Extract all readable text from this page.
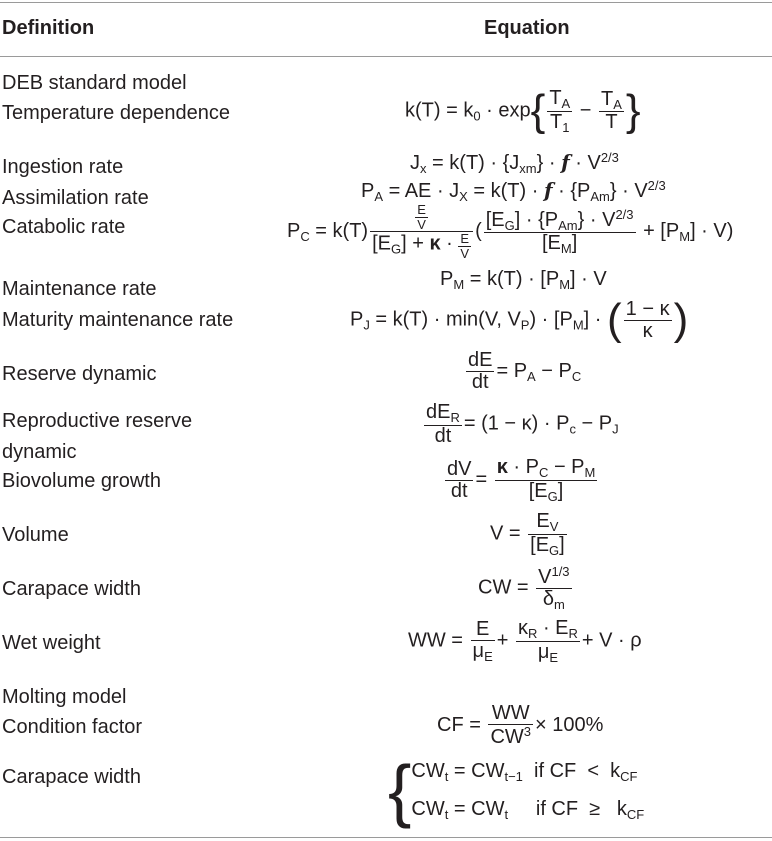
Definition	Equation
DEB standard model
Temperature dependence
Ingestion rate
Assimilation rate
Catabolic rate
Maintenance rate
Maturity maintenance rate
Reserve dynamic
Reproductive reserve
dynamic
Biovolume growth
Volume
Carapace width
Wet weight
Molting model
Condition factor
Carapace width
$k(T) = k_0 \cdot \exp\{ \frac{T_A}{T_1} - \frac{T_A}{T}$ }
$J_x = k(T) \cdot \{J_{xm}\} \cdot f \cdot V^{2/3}$
$P_A$ = AE · $J_X = k(T) \cdot f \cdot \{P_{Am}\} \cdot V^{2/3}$
$P_C = k(T) \frac{\frac{E}{V}}{[E_G] + \kappa \cdot \frac{E}{V}}$ ( $\frac{[E_G] \cdot \{P_{Am}\} \cdot V^{2/3}}{[E_M]} + [P_M] \cdot V$)
$P_M = k(T) \cdot [P_M] \cdot V$
$P_J = k(T) \cdot \min(V$, $V_P) \cdot [P_M]$ · ( $\frac{1 - \kappa}{\kappa}$ )
$\frac{dE}{dt} = P_A - P_C$
$\frac{dE_R}{dt} = (1 - \kappa) \cdot P_c - P_J$
$\frac{dV}{dt} = \frac{\kappa \cdot P_C - P_M}{[E_G]}$
$V = \frac{E_V}{[E_G]}$
CW = $\frac{V^{1/3}}{\delta_m}$
WW = $\frac{E}{\mu_E} + \frac{\kappa_R \cdot E_R}{\mu_E} + V \cdot \rho$
CF = $\frac{WW}{CW^3} \times 100\%$
{$CW_t = CW_{t-1}$  if CF  <  $k_{CF}$
$CW_t = CW_t$     if CF  ≥   $k_{CF}$
